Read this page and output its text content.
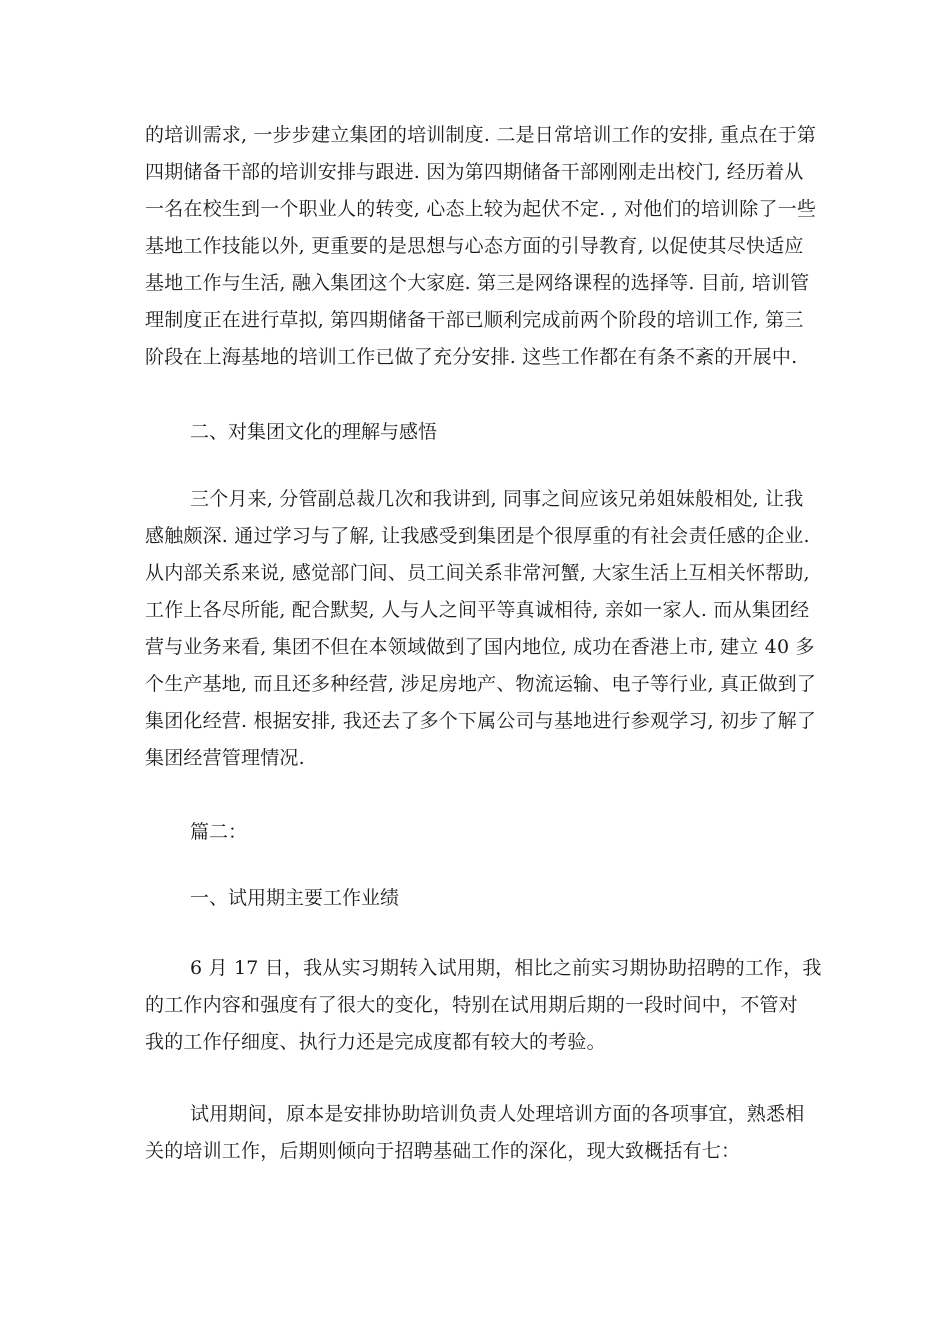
的培训需求, 一步步建立集团的培训制度. 二是日常培训工作的安排, 重点在于第
四期储备干部的培训安排与跟进. 因为第四期储备干部刚刚走出校门, 经历着从
一名在校生到一个职业人的转变, 心态上较为起伏不定. , 对他们的培训除了一些
基地工作技能以外, 更重要的是思想与心态方面的引导教育, 以促使其尽快适应
基地工作与生活, 融入集团这个大家庭. 第三是网络课程的选择等. 目前, 培训管
理制度正在进行草拟, 第四期储备干部已顺利完成前两个阶段的培训工作, 第三
阶段在上海基地的培训工作已做了充分安排. 这些工作都在有条不紊的开展中.
二、对集团文化的理解与感悟
三个月来, 分管副总裁几次和我讲到, 同事之间应该兄弟姐妹般相处, 让我
感触颇深. 通过学习与了解, 让我感受到集团是个很厚重的有社会责任感的企业.
从内部关系来说, 感觉部门间、员工间关系非常河蟹, 大家生活上互相关怀帮助,
工作上各尽所能, 配合默契, 人与人之间平等真诚相待, 亲如一家人. 而从集团经
营与业务来看, 集团不但在本领域做到了国内地位, 成功在香港上市, 建立 40 多
个生产基地, 而且还多种经营, 涉足房地产、物流运输、电子等行业, 真正做到了
集团化经营. 根据安排, 我还去了多个下属公司与基地进行参观学习, 初步了解了
集团经营管理情况.
篇二：
一、试用期主要工作业绩
6 月 17 日，我从实习期转入试用期，相比之前实习期协助招聘的工作，我
的工作内容和强度有了很大的变化，特别在试用期后期的一段时间中，不管对
我的工作仔细度、执行力还是完成度都有较大的考验。
试用期间，原本是安排协助培训负责人处理培训方面的各项事宜，熟悉相
关的培训工作，后期则倾向于招聘基础工作的深化，现大致概括有七：
